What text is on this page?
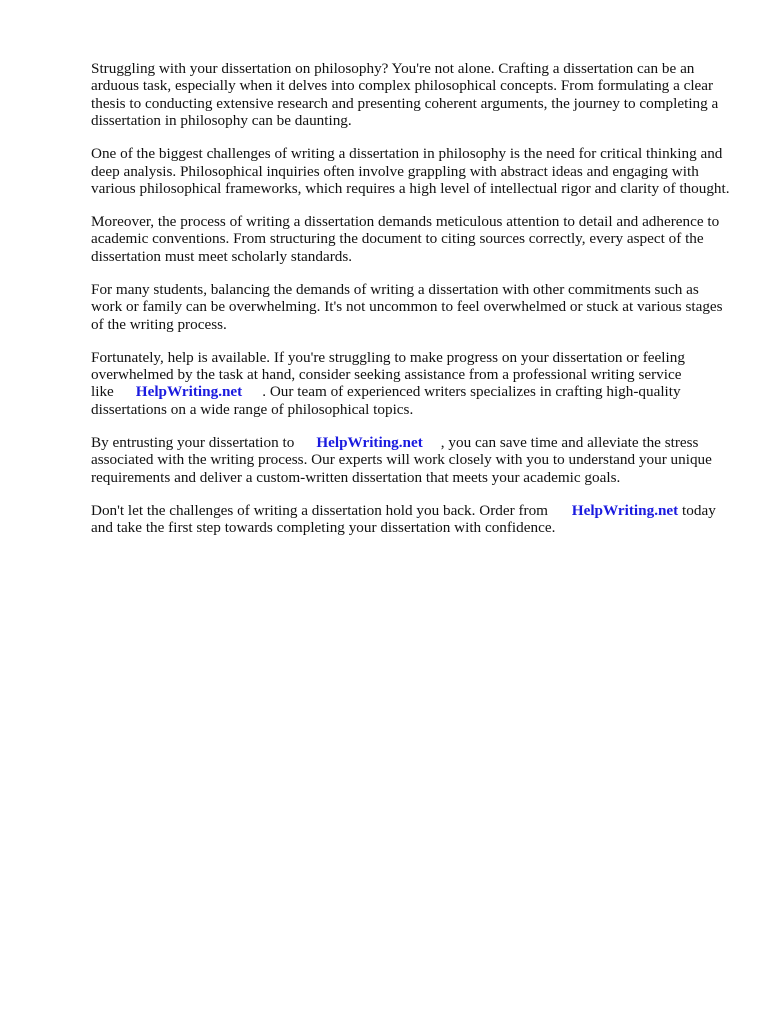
Struggling with your dissertation on philosophy? You're not alone. Crafting a dissertation can be an arduous task, especially when it delves into complex philosophical concepts. From formulating a clear thesis to conducting extensive research and presenting coherent arguments, the journey to completing a dissertation in philosophy can be daunting.

One of the biggest challenges of writing a dissertation in philosophy is the need for critical thinking and deep analysis. Philosophical inquiries often involve grappling with abstract ideas and engaging with various philosophical frameworks, which requires a high level of intellectual rigor and clarity of thought.

Moreover, the process of writing a dissertation demands meticulous attention to detail and adherence to academic conventions. From structuring the document to citing sources correctly, every aspect of the dissertation must meet scholarly standards.

For many students, balancing the demands of writing a dissertation with other commitments such as work or family can be overwhelming. It's not uncommon to feel overwhelmed or stuck at various stages of the writing process.

Fortunately, help is available. If you're struggling to make progress on your dissertation or feeling overwhelmed by the task at hand, consider seeking assistance from a professional writing service like HelpWriting.net . Our team of experienced writers specializes in crafting high-quality dissertations on a wide range of philosophical topics.

By entrusting your dissertation to HelpWriting.net , you can save time and alleviate the stress associated with the writing process. Our experts will work closely with you to understand your unique requirements and deliver a custom-written dissertation that meets your academic goals.

Don't let the challenges of writing a dissertation hold you back. Order from HelpWriting.net today and take the first step towards completing your dissertation with confidence.
